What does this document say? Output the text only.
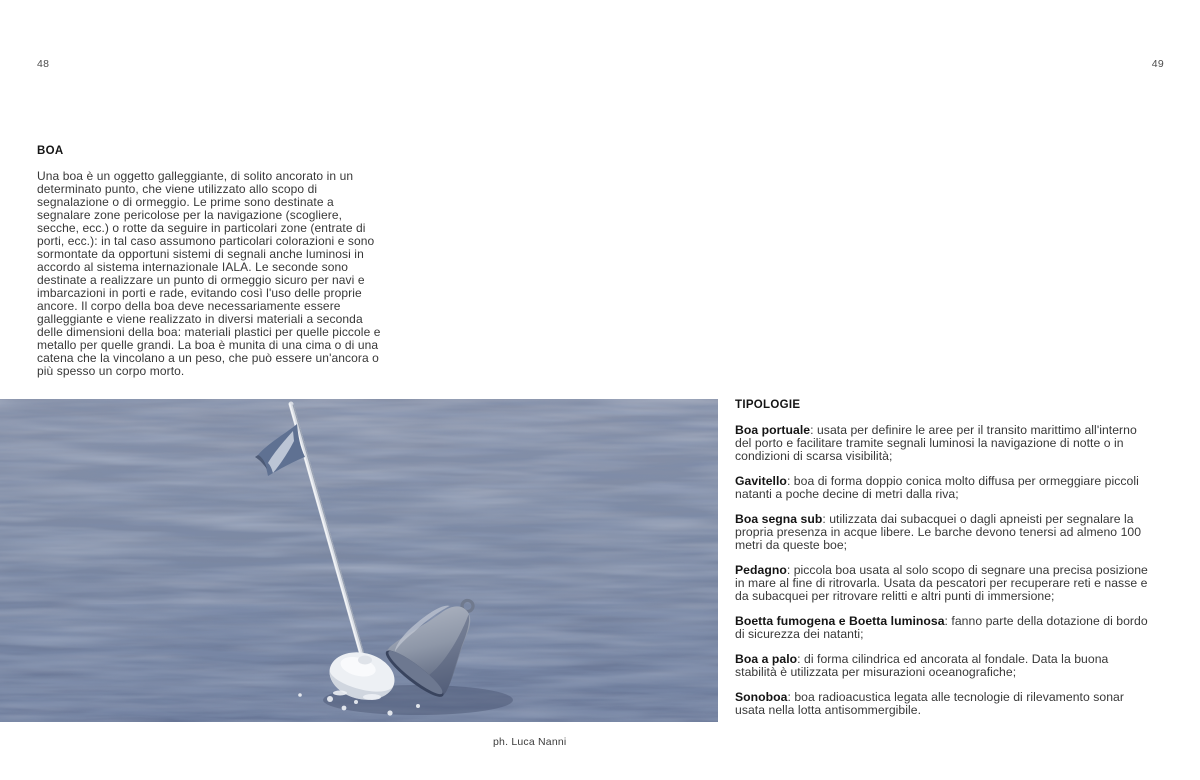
48	49
BOA

Una boa è un oggetto galleggiante, di solito ancorato in un determinato punto, che viene utilizzato allo scopo di segnalazione o di ormeggio. Le prime sono destinate a segnalare zone pericolose per la navigazione (scogliere, secche, ecc.) o rotte da seguire in particolari zone (entrate di porti, ecc.): in tal caso assumono particolari colorazioni e sono sormontate da opportuni sistemi di segnali anche luminosi in accordo al sistema internazionale IALA. Le seconde sono destinate a realizzare un punto di ormeggio sicuro per navi e imbarcazioni in porti e rade, evitando così l'uso delle proprie ancore. Il corpo della boa deve necessariamente essere galleggiante e viene realizzato in diversi materiali a seconda delle dimensioni della boa: materiali plastici per quelle piccole e metallo per quelle grandi. La boa è munita di una cima o di una catena che la vincolano a un peso, che può essere un'ancora o più spesso un corpo morto.

ph. Luca Nanni
TIPOLOGIE

Boa portuale: usata per definire le aree per il transito marittimo all'interno del porto e facilitare tramite segnali luminosi la navigazione di notte o in condizioni di scarsa visibilità;

Gavitello: boa di forma doppio conica molto diffusa per ormeggiare piccoli natanti a poche decine di metri dalla riva;

Boa segna sub: utilizzata dai subacquei o dagli apneisti per segnalare la propria presenza in acque libere. Le barche devono tenersi ad almeno 100 metri da queste boe;

Pedagno: piccola boa usata al solo scopo di segnare una precisa posizione in mare al fine di ritrovarla. Usata da pescatori per recuperare reti e nasse e da subacquei per ritrovare relitti e altri punti di immersione;

Boetta fumogena e Boetta luminosa: fanno parte della dotazione di bordo di sicurezza dei natanti;

Boa a palo: di forma cilindrica ed ancorata al fondale. Data la buona stabilità è utilizzata per misurazioni oceanografiche;

Sonoboa: boa radioacustica legata alle tecnologie di rilevamento sonar usata nella lotta antisommergibile.
